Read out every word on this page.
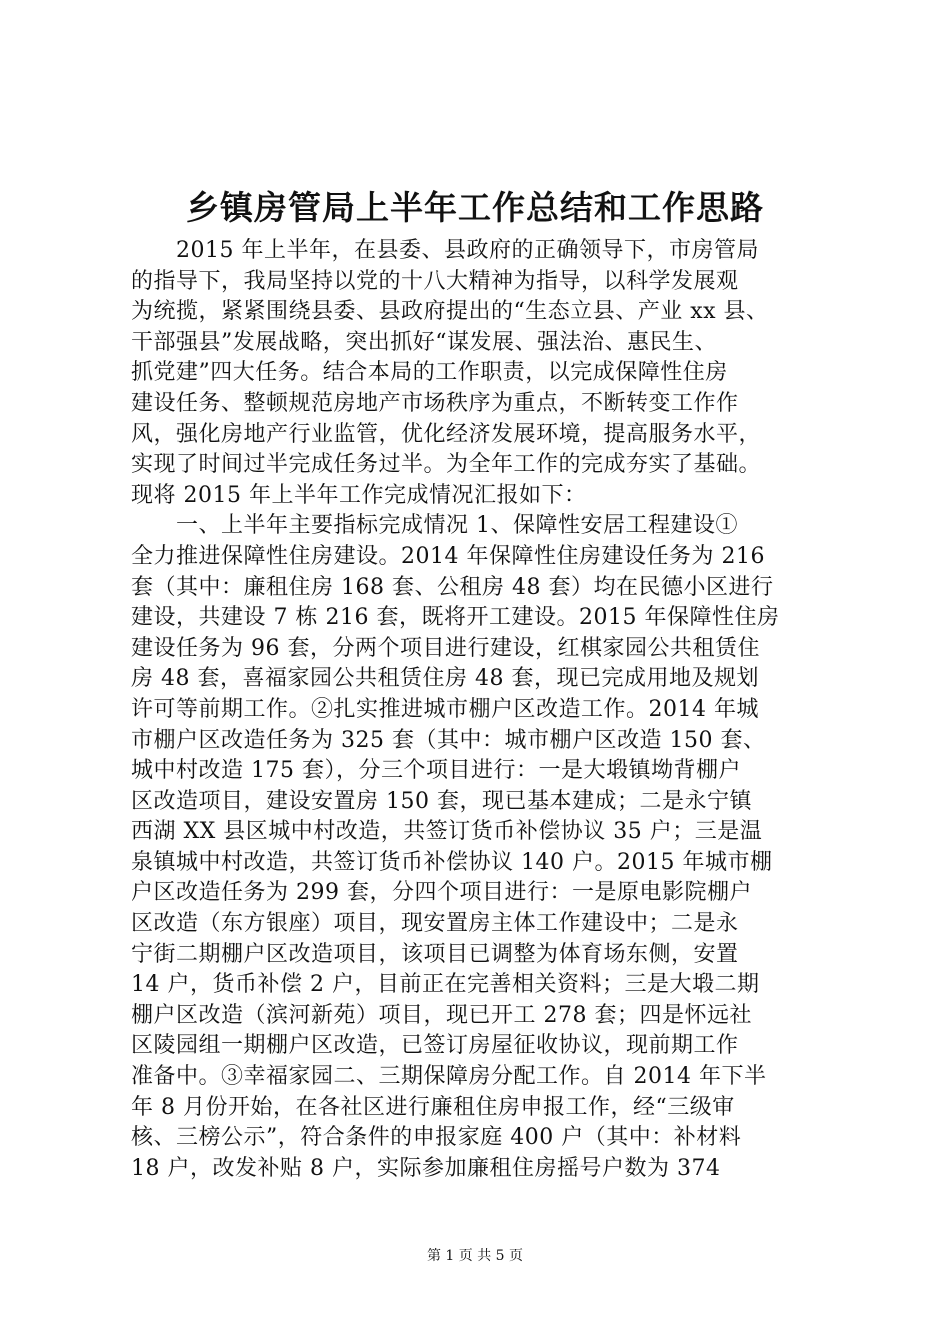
乡镇房管局上半年工作总结和工作思路
　　2015 年上半年，在县委、县政府的正确领导下，市房管局
的指导下，我局坚持以党的十八大精神为指导，以科学发展观
为统揽，紧紧围绕县委、县政府提出的“生态立县、产业 xx 县、
干部强县”发展战略，突出抓好“谋发展、强法治、惠民生、
抓党建”四大任务。结合本局的工作职责，以完成保障性住房
建设任务、整顿规范房地产市场秩序为重点，不断转变工作作
风，强化房地产行业监管，优化经济发展环境，提高服务水平，
实现了时间过半完成任务过半。为全年工作的完成夯实了基础。
现将 2015 年上半年工作完成情况汇报如下：
　　一、上半年主要指标完成情况 1、保障性安居工程建设①
全力推进保障性住房建设。2014 年保障性住房建设任务为 216
套（其中：廉租住房 168 套、公租房 48 套）均在民德小区进行
建设，共建设 7 栋 216 套，既将开工建设。2015 年保障性住房
建设任务为 96 套，分两个项目进行建设，红棋家园公共租赁住
房 48 套，喜福家园公共租赁住房 48 套，现已完成用地及规划
许可等前期工作。②扎实推进城市棚户区改造工作。2014 年城
市棚户区改造任务为 325 套（其中：城市棚户区改造 150 套、
城中村改造 175 套），分三个项目进行：一是大塅镇坳背棚户
区改造项目，建设安置房 150 套，现已基本建成；二是永宁镇
西湖 XX 县区城中村改造，共签订货币补偿协议 35 户；三是温
泉镇城中村改造，共签订货币补偿协议 140 户。2015 年城市棚
户区改造任务为 299 套，分四个项目进行：一是原电影院棚户
区改造（东方银座）项目，现安置房主体工作建设中；二是永
宁街二期棚户区改造项目，该项目已调整为体育场东侧，安置
14 户，货币补偿 2 户，目前正在完善相关资料；三是大塅二期
棚户区改造（滨河新苑）项目，现已开工 278 套；四是怀远社
区陵园组一期棚户区改造，已签订房屋征收协议，现前期工作
准备中。③幸福家园二、三期保障房分配工作。自 2014 年下半
年 8 月份开始，在各社区进行廉租住房申报工作，经“三级审
核、三榜公示”，符合条件的申报家庭 400 户（其中：补材料
18 户，改发补贴 8 户，实际参加廉租住房摇号户数为 374
第 1 页 共 5 页
